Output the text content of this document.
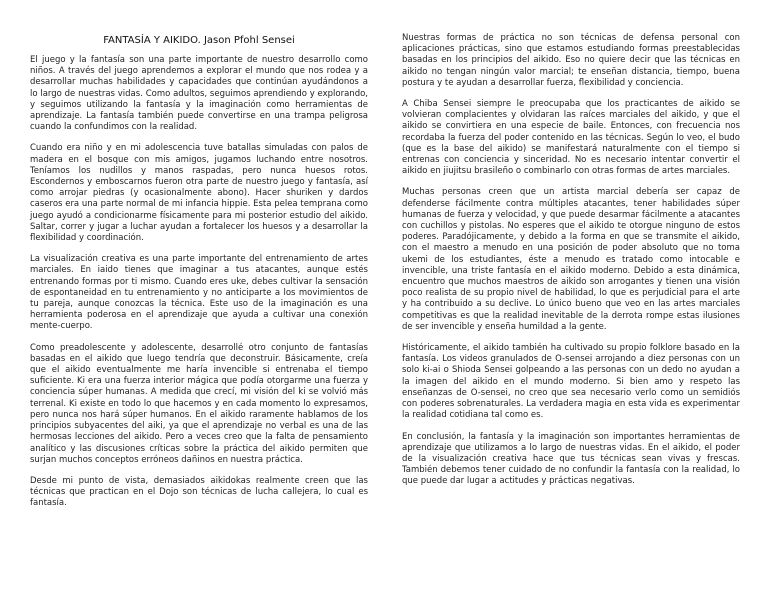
FANTASÍA Y AIKIDO. Jason Pfohl Sensei

El juego y la fantasía son una parte importante de nuestro desarrollo como niños. A través del juego aprendemos a explorar el mundo que nos rodea y a desarrollar muchas habilidades y capacidades que continúan ayudándonos a lo largo de nuestras vidas. Como adultos, seguimos aprendiendo y explorando, y seguimos utilizando la fantasía y la imaginación como herramientas de aprendizaje. La fantasía también puede convertirse en una trampa peligrosa cuando la confundimos con la realidad.

Cuando era niño y en mi adolescencia tuve batallas simuladas con palos de madera en el bosque con mis amigos, jugamos luchando entre nosotros. Teníamos los nudillos y manos raspadas, pero nunca huesos rotos. Escondernos y emboscarnos fueron otra parte de nuestro juego y fantasía, así como arrojar piedras (y ocasionalmente abono). Hacer shuriken y dardos caseros era una parte normal de mi infancia hippie. Esta pelea temprana como juego ayudó a condicionarme físicamente para mi posterior estudio del aikido. Saltar, correr y jugar a luchar ayudan a fortalecer los huesos y a desarrollar la flexibilidad y coordinación.

La visualización creativa es una parte importante del entrenamiento de artes marciales. En iaido tienes que imaginar a tus atacantes, aunque estés entrenando formas por ti mismo. Cuando eres uke, debes cultivar la sensación de espontaneidad en tu entrenamiento y no anticiparte a los movimientos de tu pareja, aunque conozcas la técnica. Este uso de la imaginación es una herramienta poderosa en el aprendizaje que ayuda a cultivar una conexión mente-cuerpo.

Como preadolescente y adolescente, desarrollé otro conjunto de fantasías basadas en el aikido que luego tendría que deconstruir. Básicamente, creía que el aikido eventualmente me haría invencible si entrenaba el tiempo suficiente. Ki era una fuerza interior mágica que podía otorgarme una fuerza y conciencia súper humanas. A medida que crecí, mi visión del ki se volvió más terrenal. Ki existe en todo lo que hacemos y en cada momento lo expresamos, pero nunca nos hará súper humanos. En el aikido raramente hablamos de los principios subyacentes del aiki, ya que el aprendizaje no verbal es una de las hermosas lecciones del aikido. Pero a veces creo que la falta de pensamiento analítico y las discusiones críticas sobre la práctica del aikido permiten que surjan muchos conceptos erróneos dañinos en nuestra práctica.

Desde mi punto de vista, demasiados aikidokas realmente creen que las técnicas que practican en el Dojo son técnicas de lucha callejera, lo cual es fantasía.

Nuestras formas de práctica no son técnicas de defensa personal con aplicaciones prácticas, sino que estamos estudiando formas preestablecidas basadas en los principios del aikido. Eso no quiere decir que las técnicas en aikido no tengan ningún valor marcial; te enseñan distancia, tiempo, buena postura y te ayudan a desarrollar fuerza, flexibilidad y conciencia.

A Chiba Sensei siempre le preocupaba que los practicantes de aikido se volvieran complacientes y olvidaran las raíces marciales del aikido, y que el aikido se convirtiera en una especie de baile. Entonces, con frecuencia nos recordaba la fuerza del poder contenido en las técnicas. Según lo veo, el budo (que es la base del aikido) se manifestará naturalmente con el tiempo si entrenas con conciencia y sinceridad. No es necesario intentar convertir el aikido en jiujitsu brasileño o combinarlo con otras formas de artes marciales.

Muchas personas creen que un artista marcial debería ser capaz de defenderse fácilmente contra múltiples atacantes, tener habilidades súper humanas de fuerza y velocidad, y que puede desarmar fácilmente a atacantes con cuchillos y pistolas. No esperes que el aikido te otorgue ninguno de estos poderes. Paradójicamente, y debido a la forma en que se transmite el aikido, con el maestro a menudo en una posición de poder absoluto que no toma ukemi de los estudiantes, éste a menudo es tratado como intocable e invencible, una triste fantasía en el aikido moderno. Debido a esta dinámica, encuentro que muchos maestros de aikido son arrogantes y tienen una visión poco realista de su propio nivel de habilidad, lo que es perjudicial para el arte y ha contribuido a su declive. Lo único bueno que veo en las artes marciales competitivas es que la realidad inevitable de la derrota rompe estas ilusiones de ser invencible y enseña humildad a la gente.

Históricamente, el aikido también ha cultivado su propio folklore basado en la fantasía. Los videos granulados de O-sensei arrojando a diez personas con un solo ki-ai o Shioda Sensei golpeando a las personas con un dedo no ayudan a la imagen del aikido en el mundo moderno. Si bien amo y respeto las enseñanzas de O-sensei, no creo que sea necesario verlo como un semidiós con poderes sobrenaturales. La verdadera magia en esta vida es experimentar la realidad cotidiana tal como es.

En conclusión, la fantasía y la imaginación son importantes herramientas de aprendizaje que utilizamos a lo largo de nuestras vidas. En el aikido, el poder de la visualización creativa hace que tus técnicas sean vivas y frescas. También debemos tener cuidado de no confundir la fantasía con la realidad, lo que puede dar lugar a actitudes y prácticas negativas.
